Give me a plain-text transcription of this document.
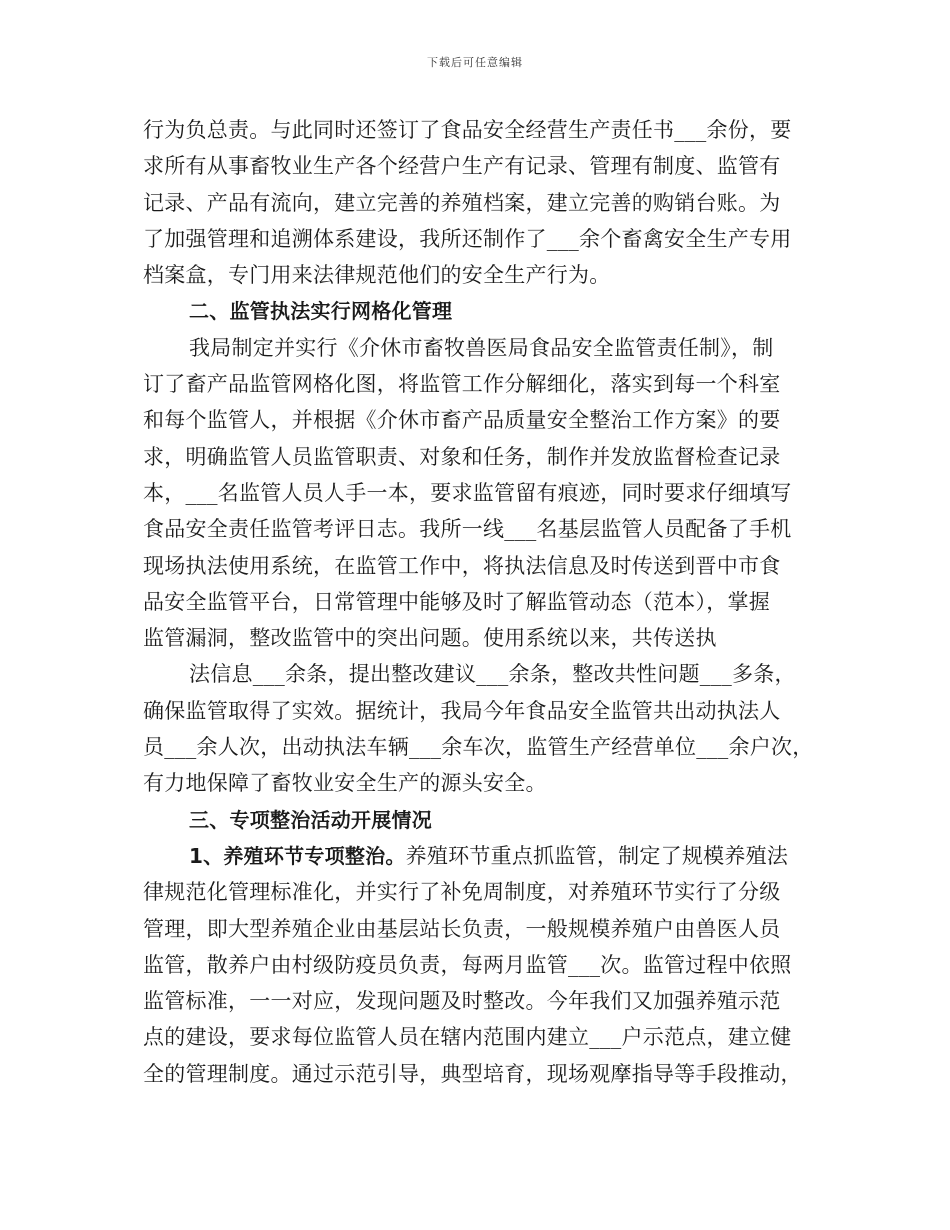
下载后可任意编辑
行为负总责。与此同时还签订了食品安全经营生产责任书___余份，要
求所有从事畜牧业生产各个经营户生产有记录、管理有制度、监管有
记录、产品有流向，建立完善的养殖档案，建立完善的购销台账。为
了加强管理和追溯体系建设，我所还制作了___余个畜禽安全生产专用
档案盒，专门用来法律规范他们的安全生产行为。
二、监管执法实行网格化管理
我局制定并实行《介休市畜牧兽医局食品安全监管责任制》，制
订了畜产品监管网格化图，将监管工作分解细化，落实到每一个科室
和每个监管人，并根据《介休市畜产品质量安全整治工作方案》的要
求，明确监管人员监管职责、对象和任务，制作并发放监督检查记录
本，___名监管人员人手一本，要求监管留有痕迹，同时要求仔细填写
食品安全责任监管考评日志。我所一线___名基层监管人员配备了手机
现场执法使用系统，在监管工作中，将执法信息及时传送到晋中市食
品安全监管平台，日常管理中能够及时了解监管动态（范本），掌握
监管漏洞，整改监管中的突出问题。使用系统以来，共传送执
法信息___余条，提出整改建议___余条，整改共性问题___多条，
确保监管取得了实效。据统计，我局今年食品安全监管共出动执法人
员___余人次，出动执法车辆___余车次，监管生产经营单位___余户次，
有力地保障了畜牧业安全生产的源头安全。
三、专项整治活动开展情况
1、养殖环节专项整治。养殖环节重点抓监管，制定了规模养殖法
律规范化管理标准化，并实行了补免周制度，对养殖环节实行了分级
管理，即大型养殖企业由基层站长负责，一般规模养殖户由兽医人员
监管，散养户由村级防疫员负责，每两月监管___次。监管过程中依照
监管标准，一一对应，发现问题及时整改。今年我们又加强养殖示范
点的建设，要求每位监管人员在辖内范围内建立___户示范点，建立健
全的管理制度。通过示范引导，典型培育，现场观摩指导等手段推动，
